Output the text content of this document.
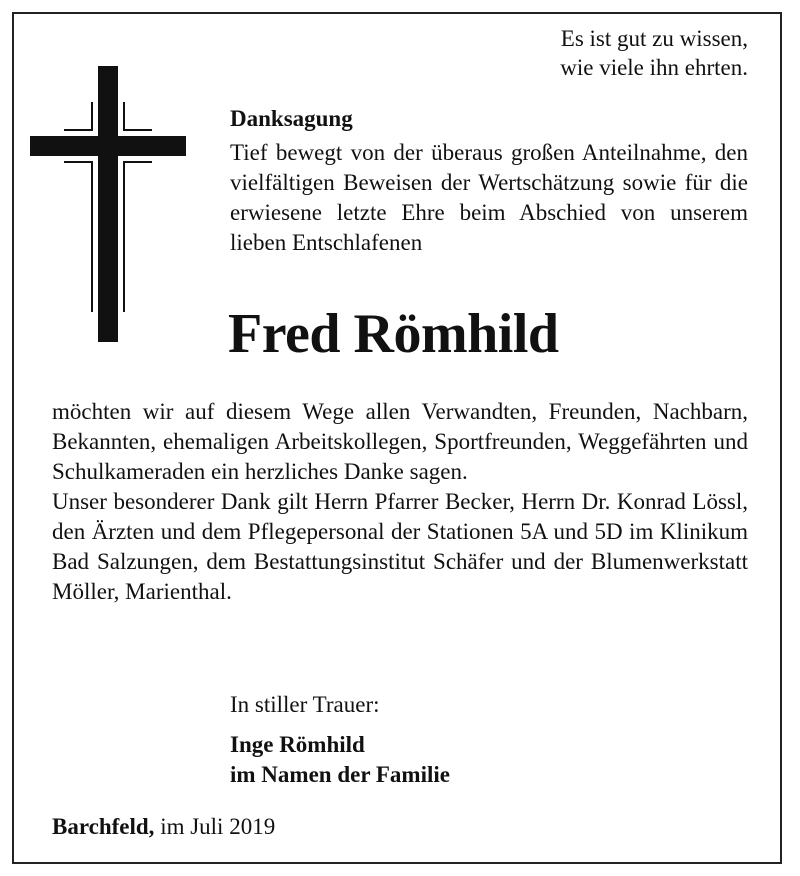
Es ist gut zu wissen,
wie viele ihn ehrten.
Danksagung
Tief bewegt von der überaus großen Anteilnahme, den vielfältigen Beweisen der Wertschätzung sowie für die erwiesene letzte Ehre beim Abschied von unserem lieben Entschlafenen
Fred Römhild

möchten wir auf diesem Wege allen Verwandten, Freunden, Nachbarn, Bekannten, ehemaligen Arbeitskollegen, Sportfreunden, Weggefährten und Schulkameraden ein herzliches Danke sagen.

Unser besonderer Dank gilt Herrn Pfarrer Becker, Herrn Dr. Konrad Lössl, den Ärzten und dem Pflegepersonal der Stationen 5A und 5D im Klinikum Bad Salzungen, dem Bestattungsinstitut Schäfer und der Blumenwerkstatt Möller, Marienthal.

In stiller Trauer:
Inge Römhild
im Namen der Familie
Barchfeld, im Juli 2019
